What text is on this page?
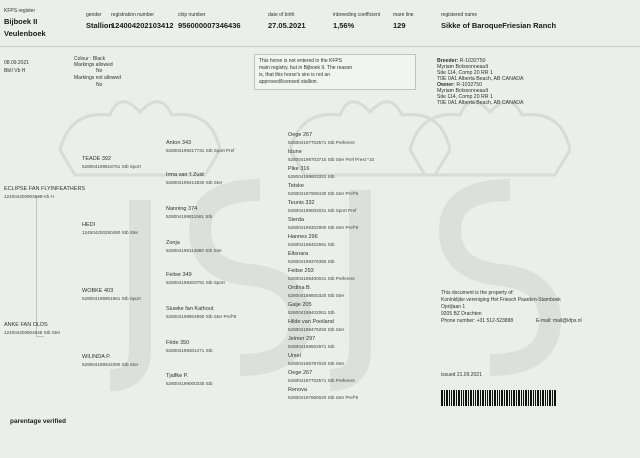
KFPS register
Bijboek II
Veulenboek
gender
Stallion
registration number
124004202103412
chip number
956000007346436
date of birth
27.05.2021
inbreeding coefficient
1,56%
mare line
129
registered name
Sikke of BaroqueFriesian Ranch
08.09.2021
BbII Vb H
Colour : Black
Markings allowed
No
Markings not allowed
No
This horse is not entered in the KFPS
main registry, but in Bijboek II. The reason
is, that this horse's sire is not an
approved/licensed stallion.
Breeder: R-1032750
Myriam Bolssonneault
Site 114, Comp 20 RR 1
T0E 0A1 Alberta Beach, AB CANADA
Owner: R-1032750
Myriam Bolssonneault
Site 114, Comp 20 RR 1
T0E 0A1 Alberta Beach, AB CANADA
ECLIPSE FAN FLYINFEATHERS
124004200903620 Vb H
ANKE FAN OLDS
124004200804548 Stb Ster
TEADE 392
528004199818761 Stb Sport
HEDI
124504200250480 Stb Ster
WOBKE 403
528004199901951 Stb Sport
WILINDA P.
528004199942390 Stb Ster
Anton 343
528004199217731 Stb Sport Pref
Irma van 't Zuid
528004199414830 Stb Ster
Nanning 374
528004199811561 Stb
Zonja
528004199113880 Stb Ster
Feitse 349
528004199303791 Stb Sport
Siuwke fan Kathout
528004199804990 Stb Ster Pref*8
Fêde 350
528004199301471 Stb
Tjalfke P.
528004199000330 Stb
Oege 267
528004197702571 Stb Preferent
Idune
528004198703710 Stb Ster Pref Prest *10
Pike 316
528004198603331 Stb
Tetske
528004197908430 Stb Ster Pref*6
Teunis 332
528004199002031 Stb Sport Pref
Sierda
528004199302900 Stb Ster Pref*8
Hannes 296
528004198402691 Stb
Eltsnara
528004198376360 Stb
Feitse 293
528004198400041 Stb Preferent
Ordina B.
528004198600320 Stb Ster
Gaije 205
528004198402061 Stb
Hilde van Pooiland
528004198476250 Stb Ster
Jelmer 297
528004198502971 Stb
Ursel
528004198797020 Stb Ster
Oege 267
528004197702571 Stb Preferent
Renova
528004197860020 Stb Ster Pref*5
This document is the property of:
Koninklijke vereniging Het Friesch Paarden-Stamboek
Oprijlaan 1
9205 BZ Drachten
Phone number: +31 512-523888	E-mail: mail@kfps.nl
issued 21.09.2021
parentage verified
